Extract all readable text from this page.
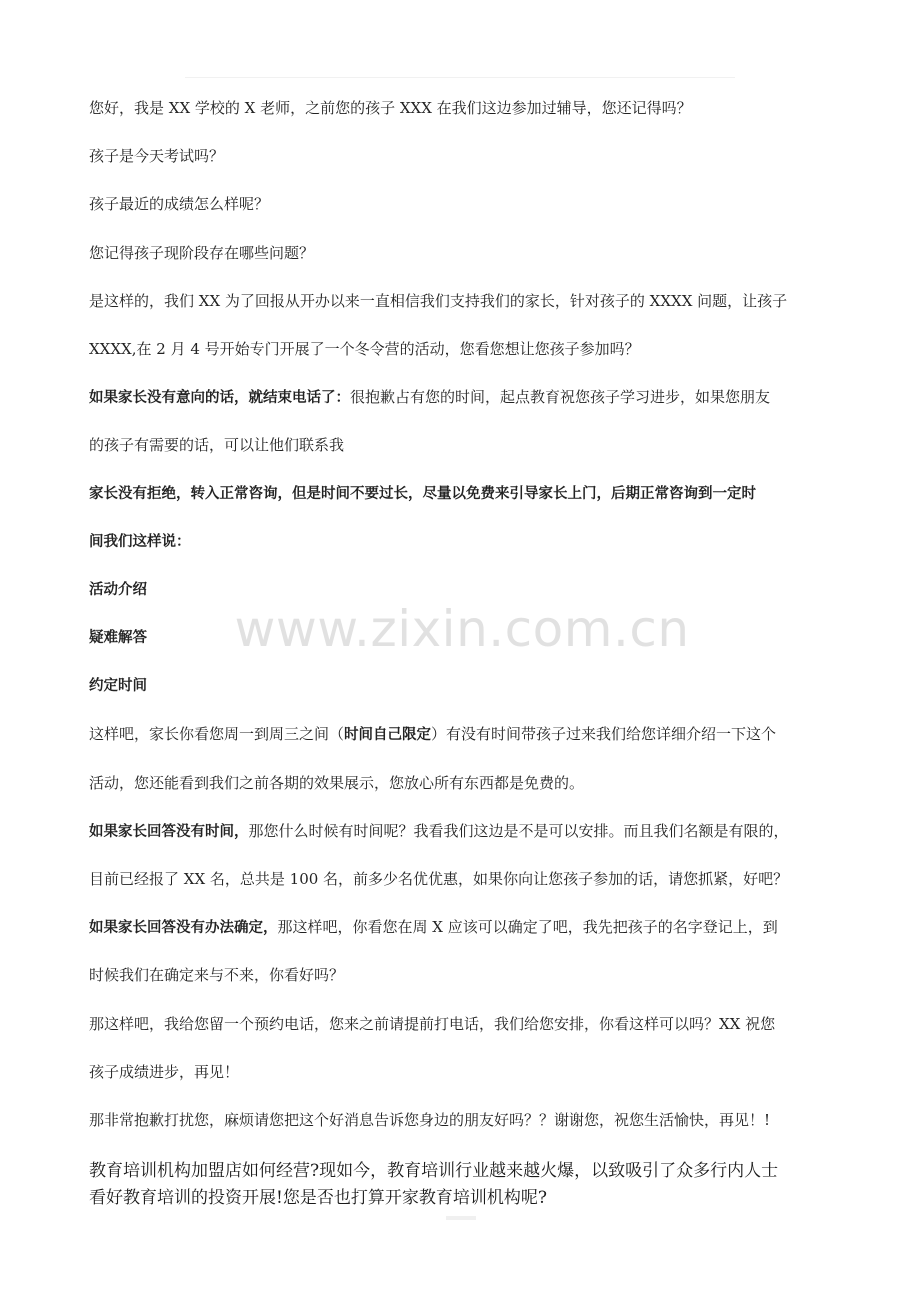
您好，我是 XX 学校的 X 老师，之前您的孩子 XXX 在我们这边参加过辅导，您还记得吗？
孩子是今天考试吗？
孩子最近的成绩怎么样呢？
您记得孩子现阶段存在哪些问题？
是这样的，我们 XX 为了回报从开办以来一直相信我们支持我们的家长，针对孩子的 XXXX 问题，让孩子
XXXX,在 2 月 4 号开始专门开展了一个冬令营的活动，您看您想让您孩子参加吗？
如果家长没有意向的话，就结束电话了：很抱歉占有您的时间，起点教育祝您孩子学习进步，如果您朋友
的孩子有需要的话，可以让他们联系我
家长没有拒绝，转入正常咨询，但是时间不要过长，尽量以免费来引导家长上门，后期正常咨询到一定时
间我们这样说：
活动介绍
疑难解答
约定时间
这样吧，家长你看您周一到周三之间（时间自己限定）有没有时间带孩子过来我们给您详细介绍一下这个
活动，您还能看到我们之前各期的效果展示，您放心所有东西都是免费的。
如果家长回答没有时间，那您什么时候有时间呢？我看我们这边是不是可以安排。而且我们名额是有限的，
目前已经报了 XX 名，总共是 100 名，前多少名优优惠，如果你向让您孩子参加的话，请您抓紧，好吧？
如果家长回答没有办法确定，那这样吧，你看您在周 X 应该可以确定了吧，我先把孩子的名字登记上，到
时候我们在确定来与不来，你看好吗？
那这样吧，我给您留一个预约电话，您来之前请提前打电话，我们给您安排，你看这样可以吗？XX 祝您
孩子成绩进步，再见！
那非常抱歉打扰您，麻烦请您把这个好消息告诉您身边的朋友好吗？？谢谢您，祝您生活愉快，再见！!
教育培训机构加盟店如何经营?现如今，教育培训行业越来越火爆，以致吸引了众多行内人士
看好教育培训的投资开展!您是否也打算开家教育培训机构呢?
www.zixin.com.cn
